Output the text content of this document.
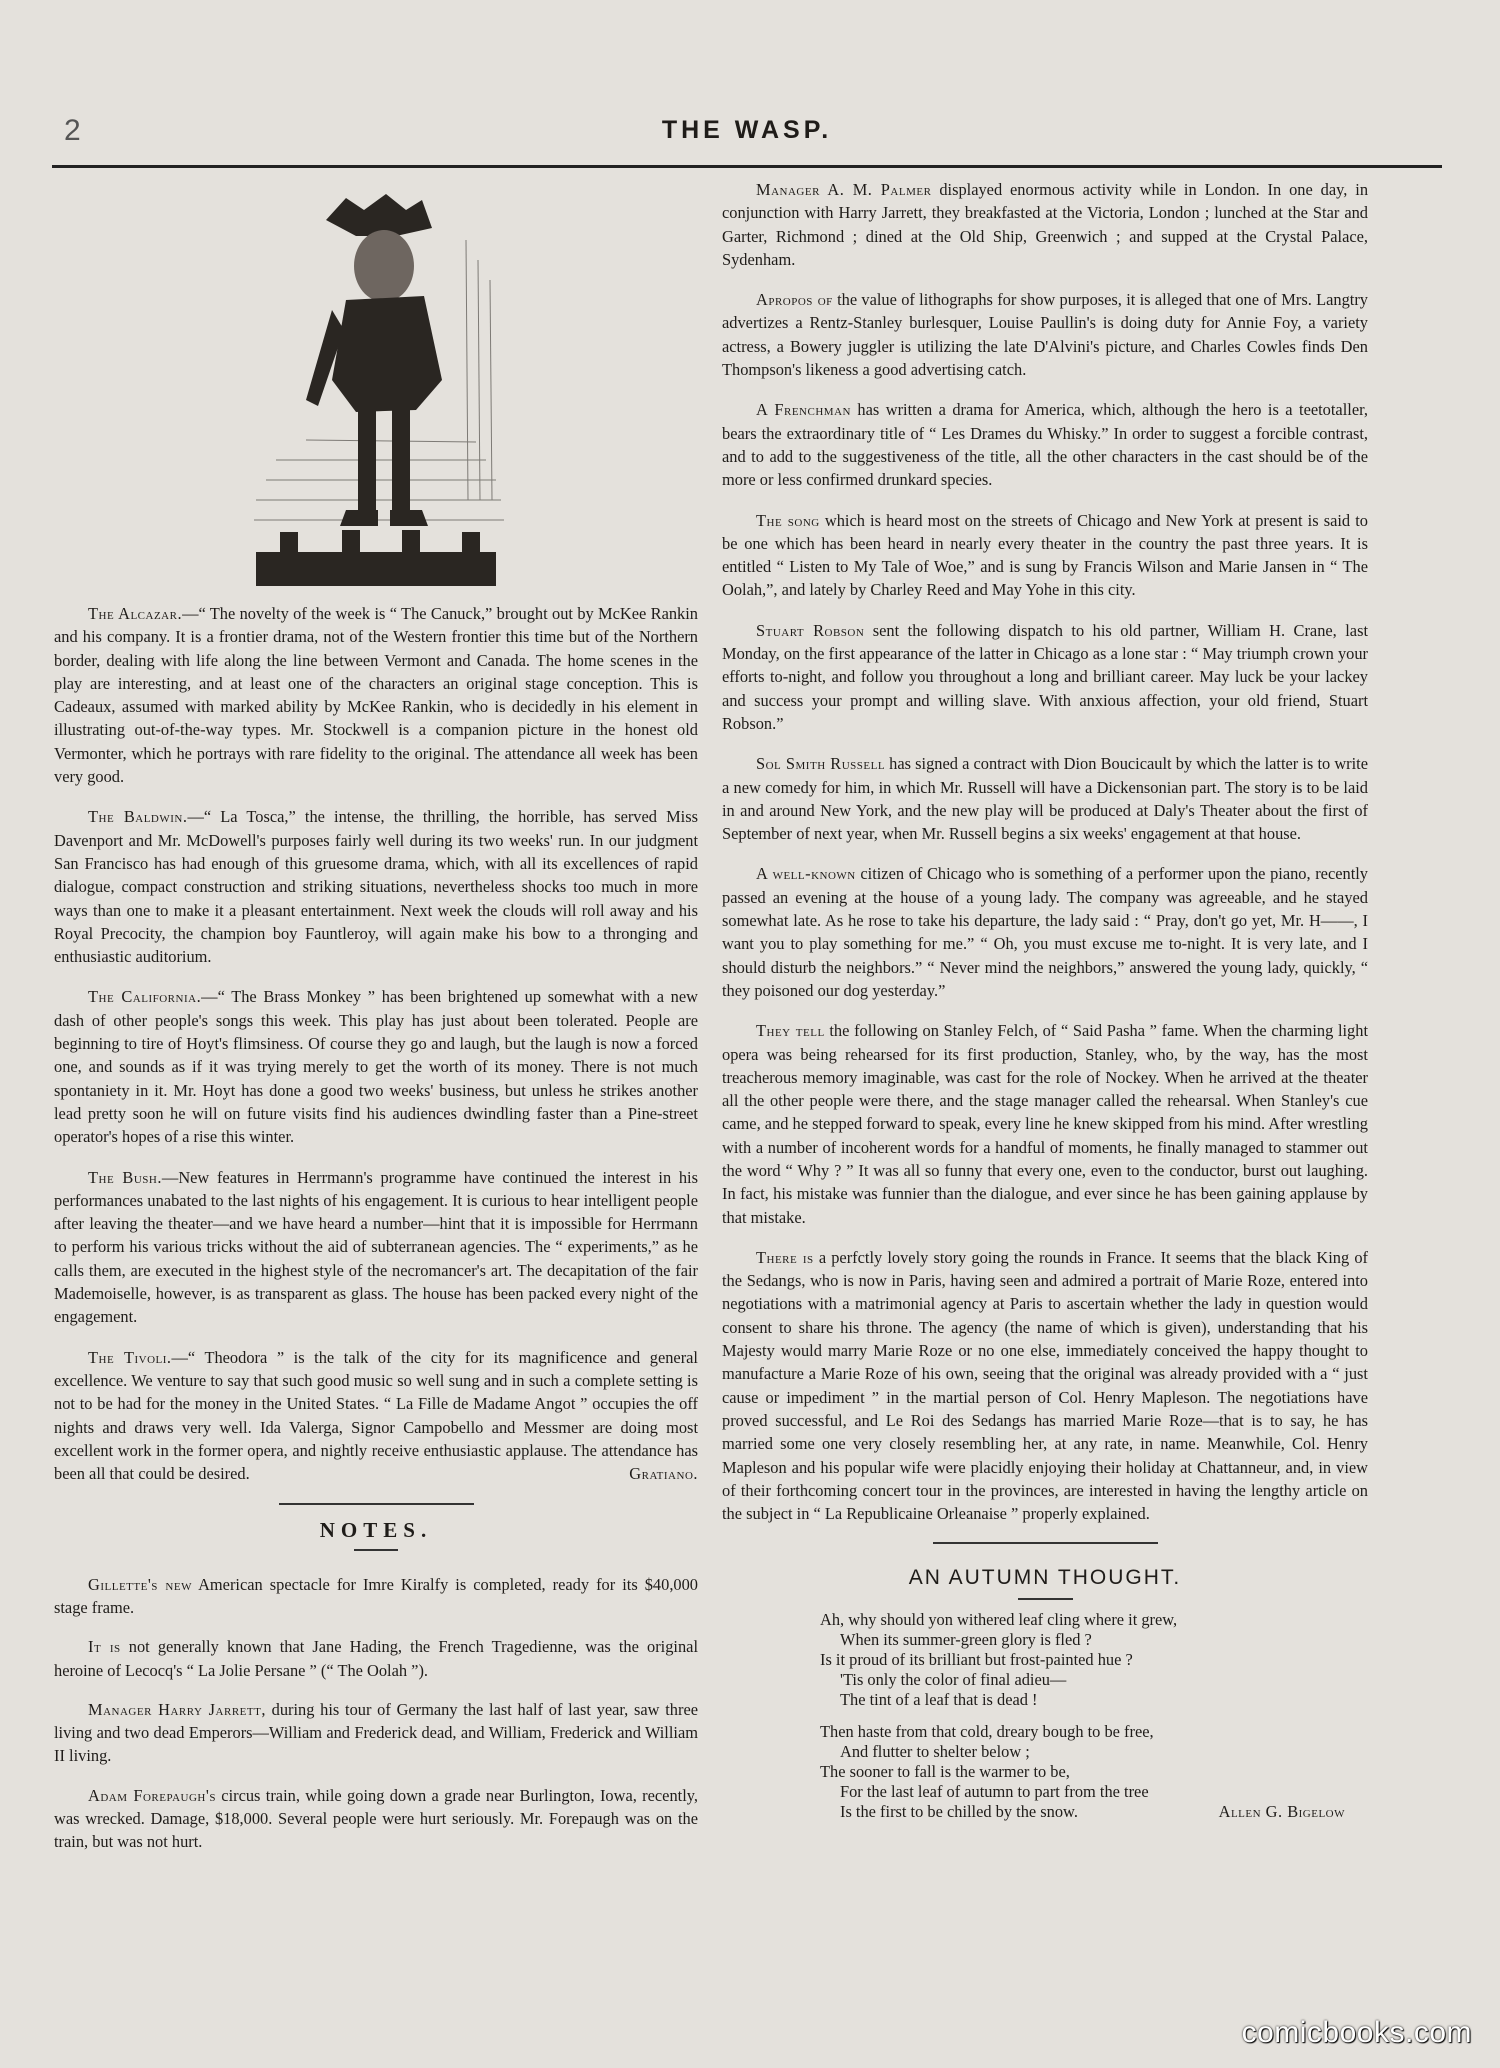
2	THE WASP.

The Alcazar.—“ The novelty of the week is “ The Canuck,” brought out by McKee Rankin and his company. It is a frontier drama, not of the Western frontier this time but of the Northern border, dealing with life along the line between Vermont and Canada. The home scenes in the play are interesting, and at least one of the characters an original stage conception. This is Cadeaux, assumed with marked ability by McKee Rankin, who is decidedly in his element in illustrating out-of-the-way types. Mr. Stockwell is a companion picture in the honest old Vermonter, which he portrays with rare fidelity to the original. The attendance all week has been very good.

The Baldwin.—“ La Tosca,” the intense, the thrilling, the horrible, has served Miss Davenport and Mr. McDowell's purposes fairly well during its two weeks' run. In our judgment San Francisco has had enough of this gruesome drama, which, with all its excellences of rapid dialogue, compact construction and striking situations, nevertheless shocks too much in more ways than one to make it a pleasant entertainment. Next week the clouds will roll away and his Royal Precocity, the champion boy Fauntleroy, will again make his bow to a thronging and enthusiastic auditorium.

The California.—“ The Brass Monkey ” has been brightened up somewhat with a new dash of other people's songs this week. This play has just about been tolerated. People are beginning to tire of Hoyt's flimsiness. Of course they go and laugh, but the laugh is now a forced one, and sounds as if it was trying merely to get the worth of its money. There is not much spontaniety in it. Mr. Hoyt has done a good two weeks' business, but unless he strikes another lead pretty soon he will on future visits find his audiences dwindling faster than a Pine-street operator's hopes of a rise this winter.

The Bush.—New features in Herrmann's programme have continued the interest in his performances unabated to the last nights of his engagement. It is curious to hear intelligent people after leaving the theater—and we have heard a number—hint that it is impossible for Herrmann to perform his various tricks without the aid of subterranean agencies. The “ experiments,” as he calls them, are executed in the highest style of the necromancer's art. The decapitation of the fair Mademoiselle, however, is as transparent as glass. The house has been packed every night of the engagement.

The Tivoli.—“ Theodora ” is the talk of the city for its magnificence and general excellence. We venture to say that such good music so well sung and in such a complete setting is not to be had for the money in the United States. “ La Fille de Madame Angot ” occupies the off nights and draws very well. Ida Valerga, Signor Campobello and Messmer are doing most excellent work in the former opera, and nightly receive enthusiastic applause. The attendance has been all that could be desired.	Gratiano.

NOTES.

Gillette's new American spectacle for Imre Kiralfy is completed, ready for its $40,000 stage frame.

It is not generally known that Jane Hading, the French Tragedienne, was the original heroine of Lecocq's “ La Jolie Persane ” (“ The Oolah ”).

Manager Harry Jarrett, during his tour of Germany the last half of last year, saw three living and two dead Emperors—William and Frederick dead, and William, Frederick and William II living.

Adam Forepaugh's circus train, while going down a grade near Burlington, Iowa, recently, was wrecked. Damage, $18,000. Several people were hurt seriously. Mr. Forepaugh was on the train, but was not hurt.

Manager A. M. Palmer displayed enormous activity while in London. In one day, in conjunction with Harry Jarrett, they breakfasted at the Victoria, London ; lunched at the Star and Garter, Richmond ; dined at the Old Ship, Greenwich ; and supped at the Crystal Palace, Sydenham.

Apropos of the value of lithographs for show purposes, it is alleged that one of Mrs. Langtry advertizes a Rentz-Stanley burlesquer, Louise Paullin's is doing duty for Annie Foy, a variety actress, a Bowery juggler is utilizing the late D'Alvini's picture, and Charles Cowles finds Den Thompson's likeness a good advertising catch.

A Frenchman has written a drama for America, which, although the hero is a teetotaller, bears the extraordinary title of “ Les Drames du Whisky.” In order to suggest a forcible contrast, and to add to the suggestiveness of the title, all the other characters in the cast should be of the more or less confirmed drunkard species.

The song which is heard most on the streets of Chicago and New York at present is said to be one which has been heard in nearly every theater in the country the past three years. It is entitled “ Listen to My Tale of Woe,” and is sung by Francis Wilson and Marie Jansen in “ The Oolah,”, and lately by Charley Reed and May Yohe in this city.

Stuart Robson sent the following dispatch to his old partner, William H. Crane, last Monday, on the first appearance of the latter in Chicago as a lone star : “ May triumph crown your efforts to-night, and follow you throughout a long and brilliant career. May luck be your lackey and success your prompt and willing slave. With anxious affection, your old friend, Stuart Robson.”

Sol Smith Russell has signed a contract with Dion Boucicault by which the latter is to write a new comedy for him, in which Mr. Russell will have a Dickensonian part. The story is to be laid in and around New York, and the new play will be produced at Daly's Theater about the first of September of next year, when Mr. Russell begins a six weeks' engagement at that house.

A well-known citizen of Chicago who is something of a performer upon the piano, recently passed an evening at the house of a young lady. The company was agreeable, and he stayed somewhat late. As he rose to take his departure, the lady said : “ Pray, don't go yet, Mr. H——, I want you to play something for me.” “ Oh, you must excuse me to-night. It is very late, and I should disturb the neighbors.” “ Never mind the neighbors,” answered the young lady, quickly, “ they poisoned our dog yesterday.”

They tell the following on Stanley Felch, of “ Said Pasha ” fame. When the charming light opera was being rehearsed for its first production, Stanley, who, by the way, has the most treacherous memory imaginable, was cast for the role of Nockey. When he arrived at the theater all the other people were there, and the stage manager called the rehearsal. When Stanley's cue came, and he stepped forward to speak, every line he knew skipped from his mind. After wrestling with a number of incoherent words for a handful of moments, he finally managed to stammer out the word “ Why ? ” It was all so funny that every one, even to the conductor, burst out laughing. In fact, his mistake was funnier than the dialogue, and ever since he has been gaining applause by that mistake.

There is a perfctly lovely story going the rounds in France. It seems that the black King of the Sedangs, who is now in Paris, having seen and admired a portrait of Marie Roze, entered into negotiations with a matrimonial agency at Paris to ascertain whether the lady in question would consent to share his throne. The agency (the name of which is given), understanding that his Majesty would marry Marie Roze or no one else, immediately conceived the happy thought to manufacture a Marie Roze of his own, seeing that the original was already provided with a “ just cause or impediment ” in the martial person of Col. Henry Mapleson. The negotiations have proved successful, and Le Roi des Sedangs has married Marie Roze—that is to say, he has married some one very closely resembling her, at any rate, in name. Meanwhile, Col. Henry Mapleson and his popular wife were placidly enjoying their holiday at Chattanneur, and, in view of their forthcoming concert tour in the provinces, are interested in having the lengthy article on the subject in “ La Republicaine Orleanaise ” properly explained.

AN AUTUMN THOUGHT.
Ah, why should yon withered leaf cling where it grew,
When its summer-green glory is fled ?
Is it proud of its brilliant but frost-painted hue ?
'Tis only the color of final adieu—
The tint of a leaf that is dead !
Then haste from that cold, dreary bough to be free,
And flutter to shelter below ;
The sooner to fall is the warmer to be,
For the last leaf of autumn to part from the tree
Is the first to be chilled by the snow.	Allen G. Bigelow
comicbooks.com
